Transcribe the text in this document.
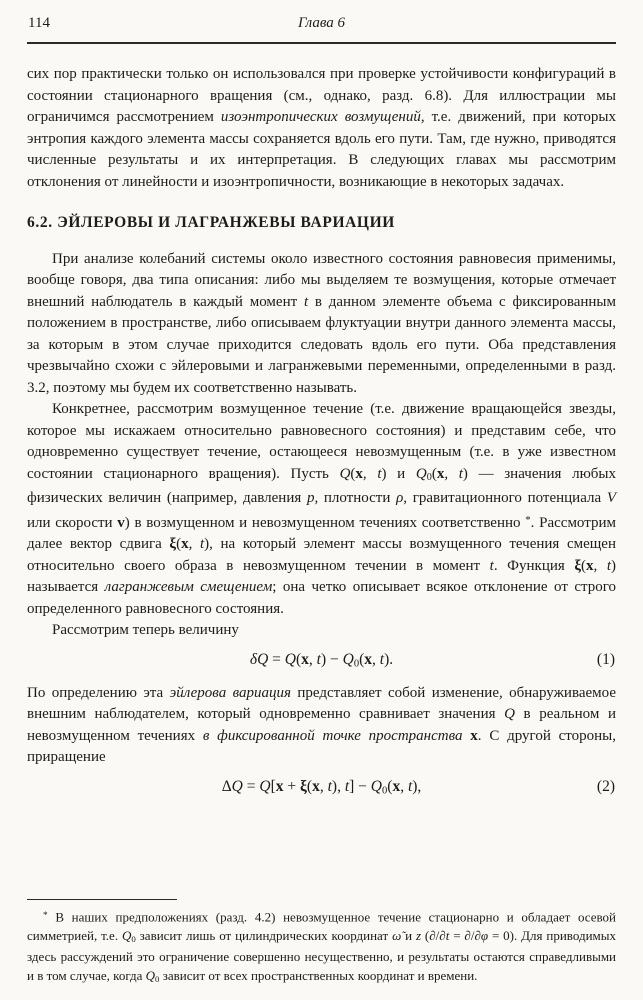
114	Глава 6

сих пор практически только он использовался при проверке устойчивости конфигураций в состоянии стационарного вращения (см., однако, разд. 6.8). Для иллюстрации мы ограничимся рассмотрением изоэнтропических возмущений, т.е. движений, при которых энтропия каждого элемента массы сохраняется вдоль его пути. Там, где нужно, приводятся численные результаты и их интерпретация. В следующих главах мы рассмотрим отклонения от линейности и изоэнтропичности, возникающие в некоторых задачах.

6.2. ЭЙЛЕРОВЫ И ЛАГРАНЖЕВЫ ВАРИАЦИИ

При анализе колебаний системы около известного состояния равновесия применимы, вообще говоря, два типа описания: либо мы выделяем те возмущения, которые отмечает внешний наблюдатель в каждый момент t в данном элементе объема с фиксированным положением в пространстве, либо описываем флуктуации внутри данного элемента массы, за которым в этом случае приходится следовать вдоль его пути. Оба представления чрезвычайно схожи с эйлеровыми и лагранжевыми переменными, определенными в разд. 3.2, поэтому мы будем их соответственно называть.

Конкретнее, рассмотрим возмущенное течение (т.е. движение вращающейся звезды, которое мы искажаем относительно равновесного состояния) и представим себе, что одновременно существует течение, остающееся невозмущенным (т.е. в уже известном состоянии стационарного вращения). Пусть Q(x, t) и Q0(x, t) — значения любых физических величин (например, давления p, плотности ρ, гравитационного потенциала V или скорости v) в возмущенном и невозмущенном течениях соответственно *. Рассмотрим далее вектор сдвига ξ(x, t), на который элемент массы возмущенного течения смещен относительно своего образа в невозмущенном течении в момент t. Функция ξ(x, t) называется лагранжевым смещением; она четко описывает всякое отклонение от строго определенного равновесного состояния.

Рассмотрим теперь величину

δQ = Q(x, t) − Q0(x, t).	(1)

По определению эта эйлерова вариация представляет собой изменение, обнаруживаемое внешним наблюдателем, который одновременно сравнивает значения Q в реальном и невозмущенном течениях в фиксированной точке пространства x. С другой стороны, приращение

ΔQ = Q[x + ξ(x, t), t] − Q0(x, t),	(2)

* В наших предположениях (разд. 4.2) невозмущенное течение стационарно и обладает осевой симметрией, т.е. Q0 зависит лишь от цилиндрических координат ω̃ и z (∂/∂t = ∂/∂φ = 0). Для приводимых здесь рассуждений это ограничение совершенно несущественно, и результаты остаются справедливыми и в том случае, когда Q0 зависит от всех пространственных координат и времени.
